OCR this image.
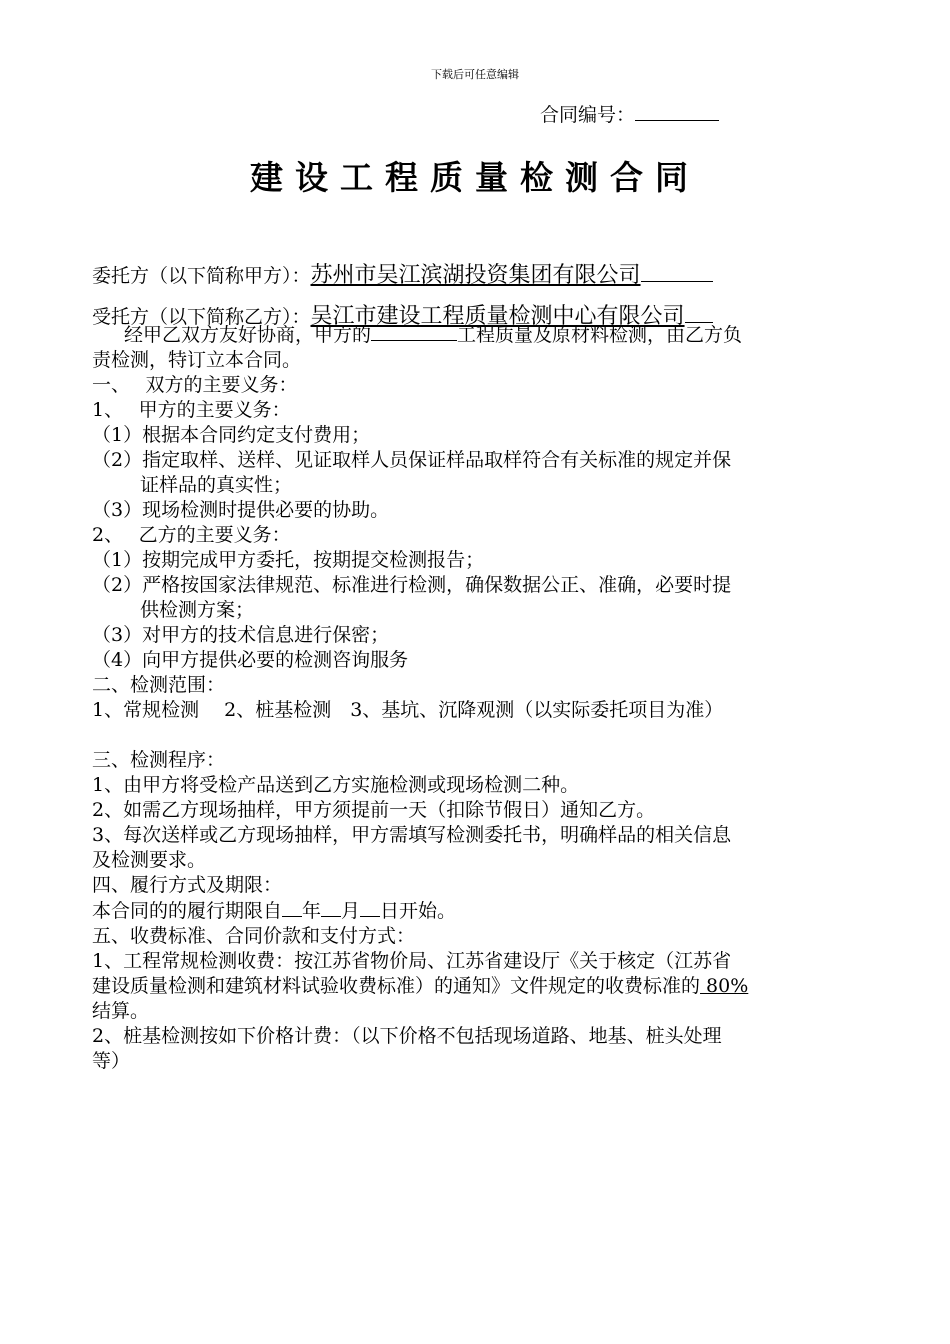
下载后可任意编辑
合同编号：
建设工程质量检测合同
委托方（以下简称甲方）：苏州市吴江滨湖投资集团有限公司
受托方（以下简称乙方）：吴江市建设工程质量检测中心有限公司
经甲乙双方友好协商，甲方的	工程质量及原材料检测，由乙方负
责检测，特订立本合同。
一、　 双方的主要义务：
1、　 甲方的主要义务：
（1）根据本合同约定支付费用；
（2）指定取样、送样、见证取样人员保证样品取样符合有关标准的规定并保
证样品的真实性；
（3）现场检测时提供必要的协助。
2、　 乙方的主要义务：
（1）按期完成甲方委托，按期提交检测报告；
（2）严格按国家法律规范、标准进行检测，确保数据公正、准确，必要时提
供检测方案；
（3）对甲方的技术信息进行保密；
（4）向甲方提供必要的检测咨询服务
二、检测范围：
1、常规检测　 2、桩基检测　3、基坑、沉降观测（以实际委托项目为准）

三、检测程序：
1、由甲方将受检产品送到乙方实施检测或现场检测二种。
2、如需乙方现场抽样，甲方须提前一天（扣除节假日）通知乙方。
3、每次送样或乙方现场抽样，甲方需填写检测委托书，明确样品的相关信息
及检测要求。
四、履行方式及期限：
本合同的的履行期限自 年 月 日开始。
五、收费标准、合同价款和支付方式：
1、工程常规检测收费：按江苏省物价局、江苏省建设厅《关于核定（江苏省
建设质量检测和建筑材料试验收费标准）的通知》文件规定的收费标准的 80%
结算。
2、桩基检测按如下价格计费：（以下价格不包括现场道路、地基、桩头处理
等）
